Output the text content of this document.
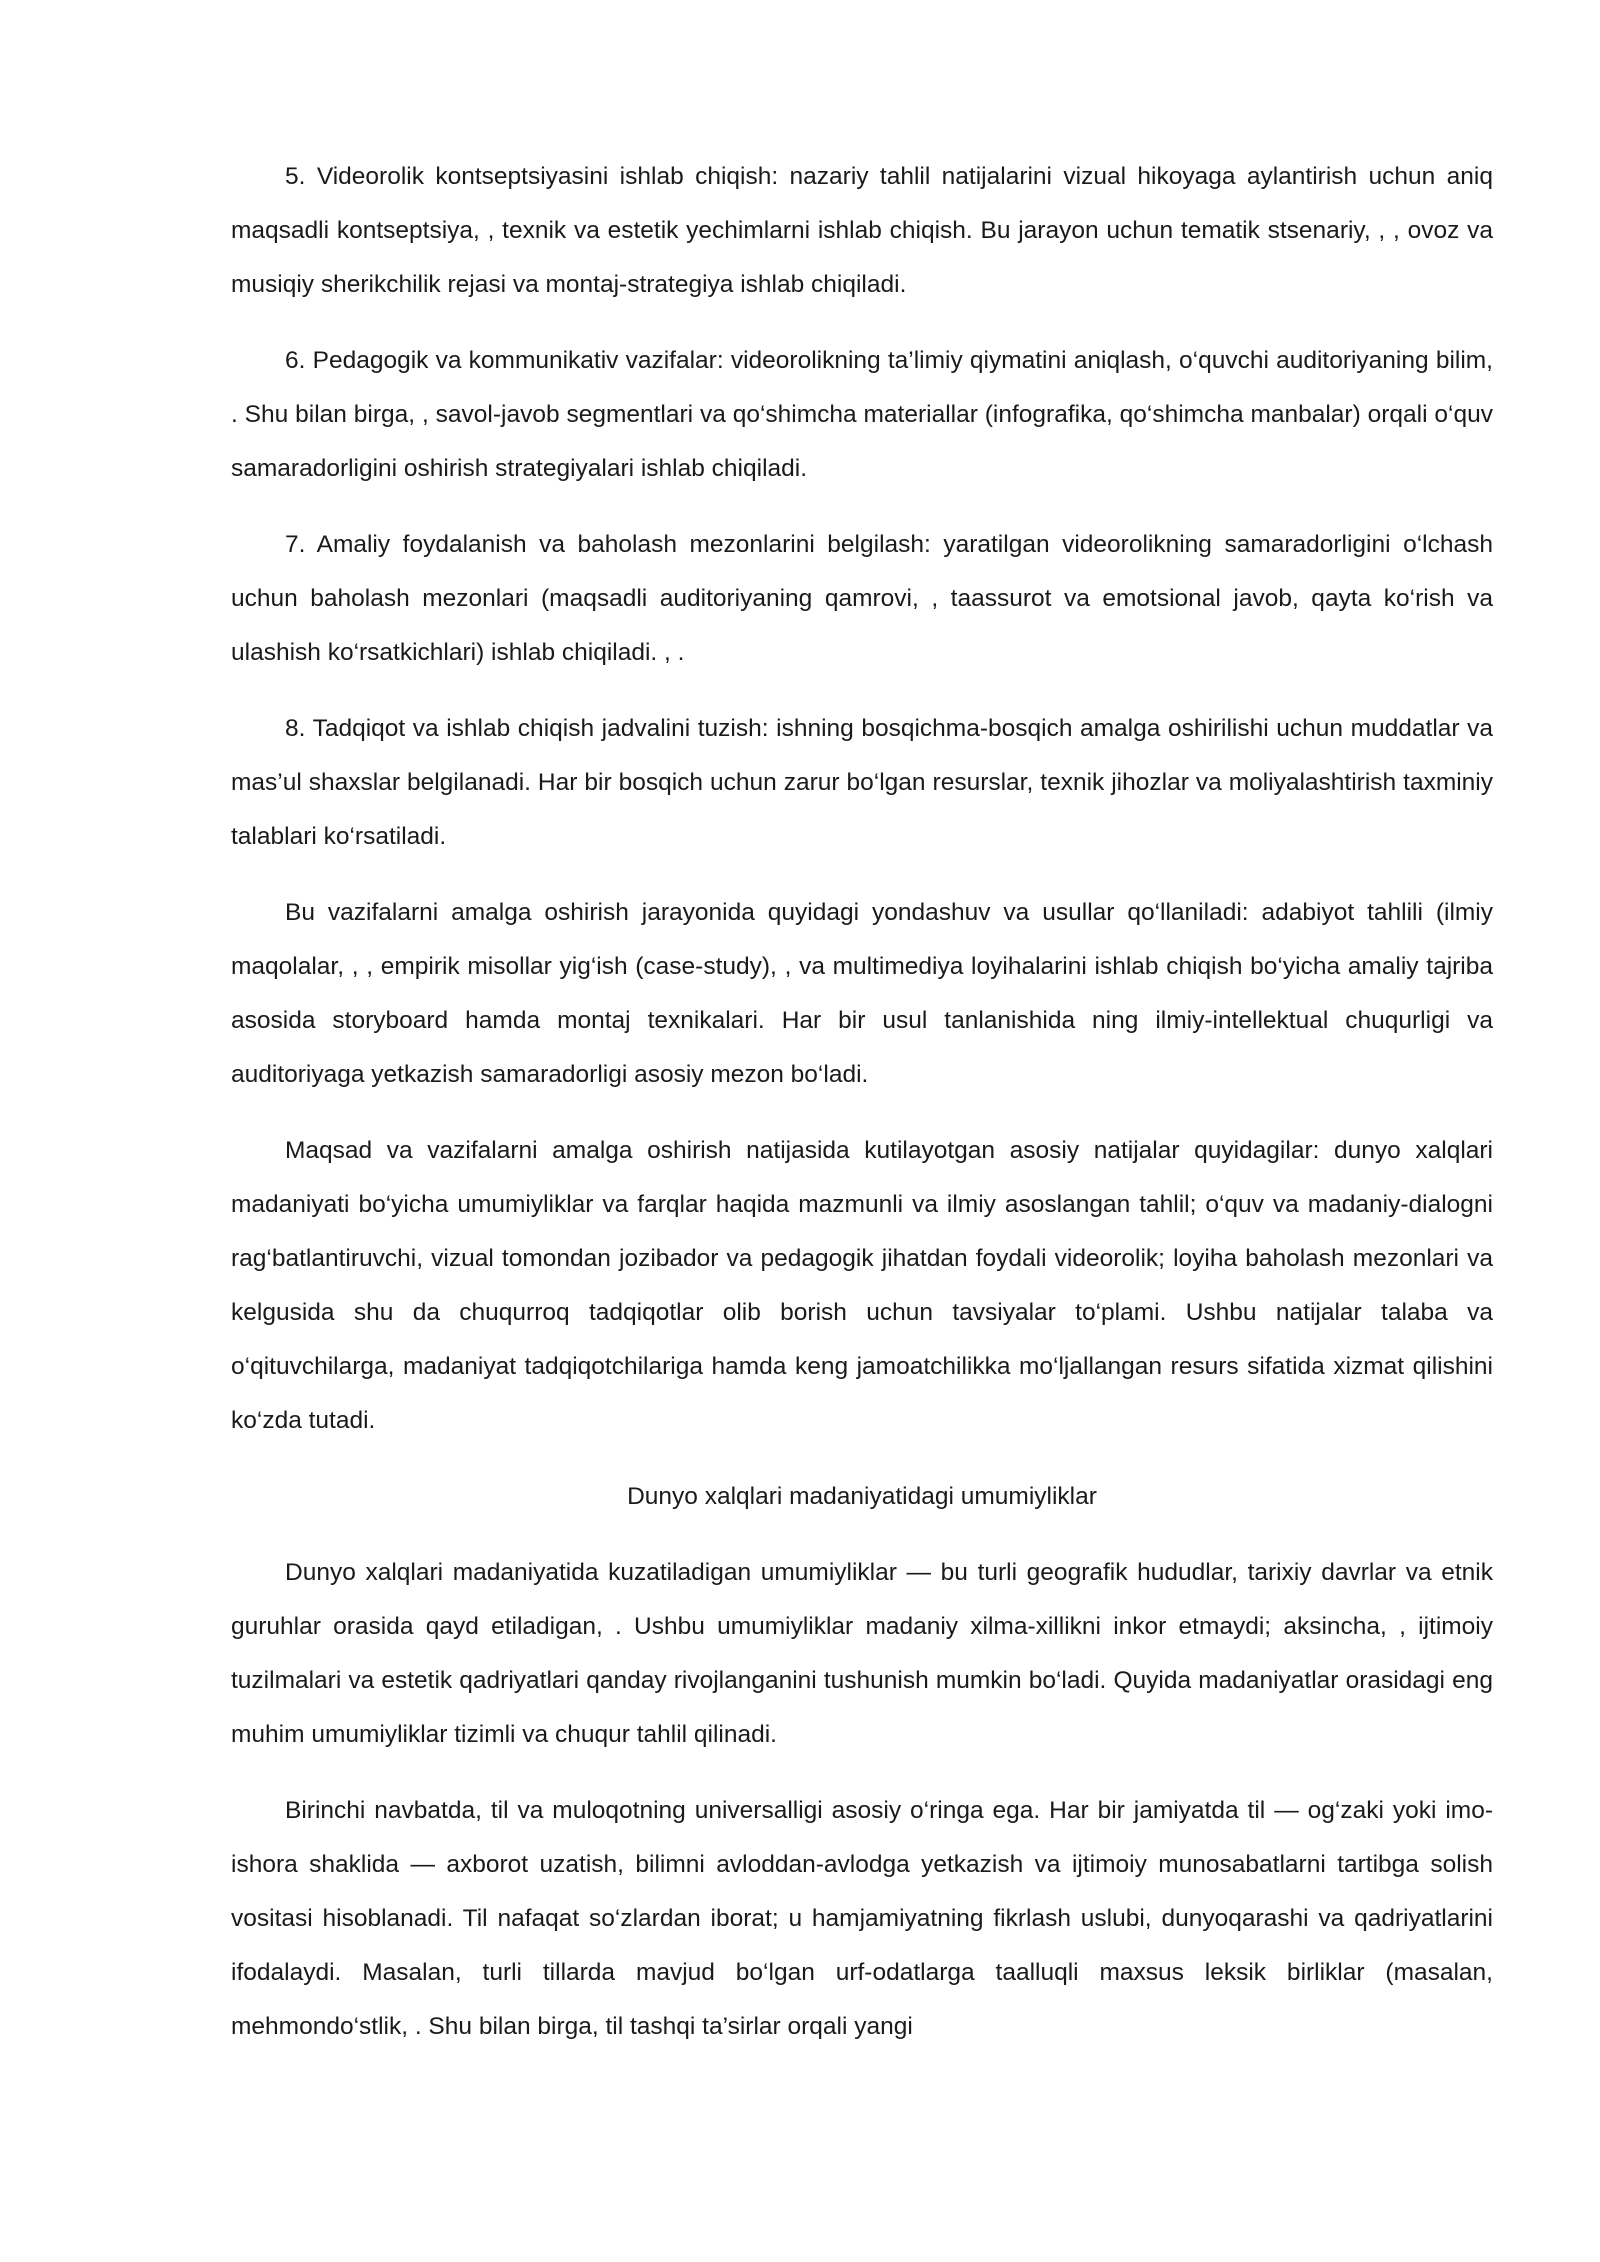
5. Videorolik kontseptsiyasini ishlab chiqish: nazariy tahlil natijalarini vizual hikoyaga aylantirish uchun aniq maqsadli kontseptsiya, , texnik va estetik yechimlarni ishlab chiqish. Bu jarayon uchun tematik stsenariy, , , ovoz va musiqiy sherikchilik rejasi va montaj-strategiya ishlab chiqiladi.

6. Pedagogik va kommunikativ vazifalar: videorolikning ta’limiy qiymatini aniqlash, o‘quvchi auditoriyaning bilim, . Shu bilan birga, , savol-javob segmentlari va qo‘shimcha materiallar (infografika, qo‘shimcha manbalar) orqali o‘quv samaradorligini oshirish strategiyalari ishlab chiqiladi.

7. Amaliy foydalanish va baholash mezonlarini belgilash: yaratilgan videorolikning samaradorligini o‘lchash uchun baholash mezonlari (maqsadli auditoriyaning qamrovi, , taassurot va emotsional javob, qayta ko‘rish va ulashish ko‘rsatkichlari) ishlab chiqiladi. , .

8. Tadqiqot va ishlab chiqish jadvalini tuzish: ishning bosqichma-bosqich amalga oshirilishi uchun muddatlar va mas’ul shaxslar belgilanadi. Har bir bosqich uchun zarur bo‘lgan resurslar, texnik jihozlar va moliyalashtirish taxminiy talablari ko‘rsatiladi.

Bu vazifalarni amalga oshirish jarayonida quyidagi yondashuv va usullar qo‘llaniladi: adabiyot tahlili (ilmiy maqolalar, , , empirik misollar yig‘ish (case-study), , va multimediya loyihalarini ishlab chiqish bo‘yicha amaliy tajriba asosida storyboard hamda montaj texnikalari. Har bir usul tanlanishida ning ilmiy-intellektual chuqurligi va auditoriyaga yetkazish samaradorligi asosiy mezon bo‘ladi.

Maqsad va vazifalarni amalga oshirish natijasida kutilayotgan asosiy natijalar quyidagilar: dunyo xalqlari madaniyati bo‘yicha umumiyliklar va farqlar haqida mazmunli va ilmiy asoslangan tahlil; o‘quv va madaniy-dialogni rag‘batlantiruvchi, vizual tomondan jozibador va pedagogik jihatdan foydali videorolik; loyiha baholash mezonlari va kelgusida shu da chuqurroq tadqiqotlar olib borish uchun tavsiyalar to‘plami. Ushbu natijalar talaba va o‘qituvchilarga, madaniyat tadqiqotchilariga hamda keng jamoatchilikka mo‘ljallangan resurs sifatida xizmat qilishini ko‘zda tutadi.

Dunyo xalqlari madaniyatidagi umumiyliklar

Dunyo xalqlari madaniyatida kuzatiladigan umumiyliklar — bu turli geografik hududlar, tarixiy davrlar va etnik guruhlar orasida qayd etiladigan, . Ushbu umumiyliklar madaniy xilma-xillikni inkor etmaydi; aksincha, , ijtimoiy tuzilmalari va estetik qadriyatlari qanday rivojlanganini tushunish mumkin bo‘ladi. Quyida madaniyatlar orasidagi eng muhim umumiyliklar tizimli va chuqur tahlil qilinadi.

Birinchi navbatda, til va muloqotning universalligi asosiy o‘ringa ega. Har bir jamiyatda til — og‘zaki yoki imo-ishora shaklida — axborot uzatish, bilimni avloddan-avlodga yetkazish va ijtimoiy munosabatlarni tartibga solish vositasi hisoblanadi. Til nafaqat so‘zlardan iborat; u hamjamiyatning fikrlash uslubi, dunyoqarashi va qadriyatlarini ifodalaydi. Masalan, turli tillarda mavjud bo‘lgan urf-odatlarga taalluqli maxsus leksik birliklar (masalan, mehmondo‘stlik, . Shu bilan birga, til tashqi ta’sirlar orqali yangi
